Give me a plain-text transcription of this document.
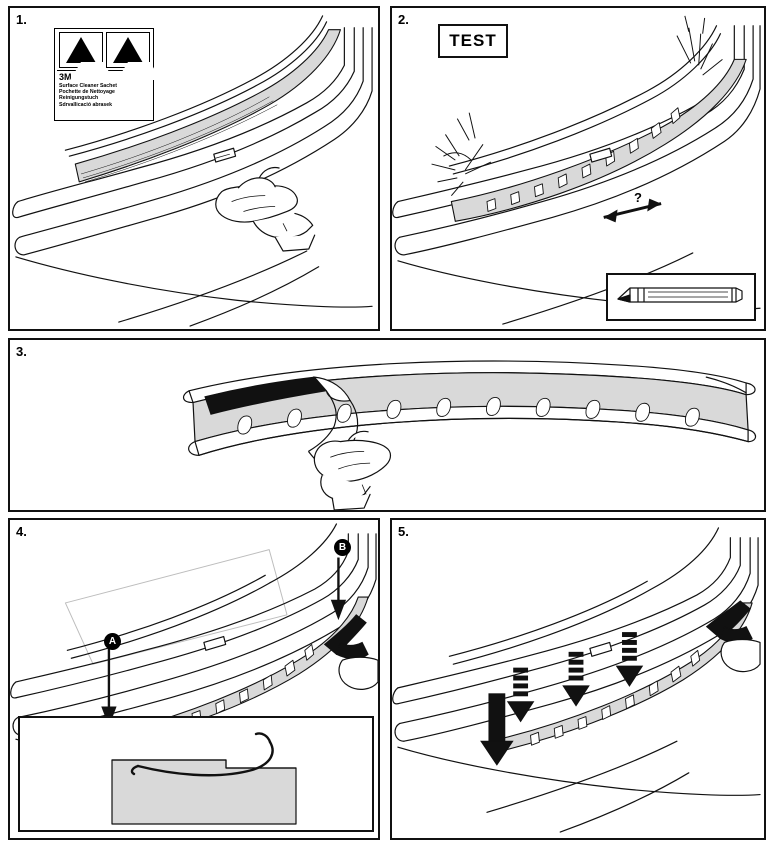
1.
!
3M
Surface Cleaner Sachet
Pochette de Nettoyage
Reinigungstuch
Sdrvallicació abrasek
2.
TEST
?
3.
4.
A
B
5.
